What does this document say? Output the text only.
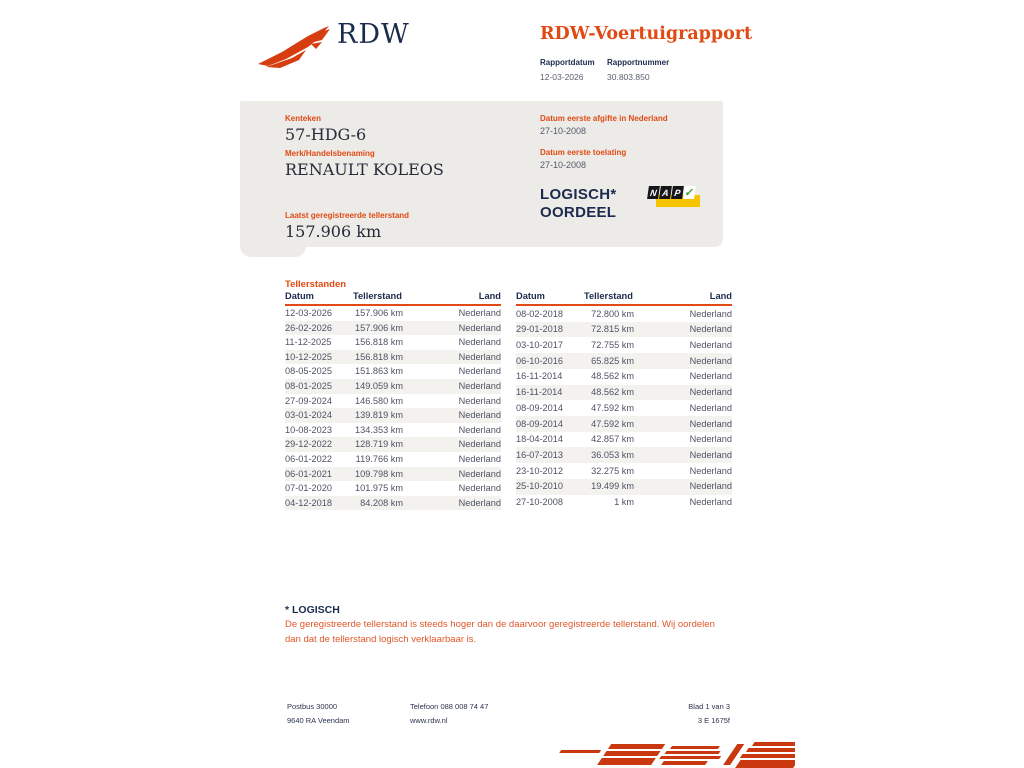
RDW	RDW-Voertuigrapport
Rapportdatum Rapportnummer
12-03-2026	30.803.850
Kenteken
57-HDG-6
Merk/Handelsbenaming
RENAULT KOLEOS
Laatst geregistreerde tellerstand
157.906 km
Datum eerste afgifte in Nederland
27-10-2008
Datum eerste toelating
27-10-2008
LOGISCH*
OORDEEL
N A P ✓
Tellerstanden
Datum	Tellerstand	Land
12-03-2026	157.906 km	Nederland
26-02-2026	157.906 km	Nederland
11-12-2025	156.818 km	Nederland
10-12-2025	156.818 km	Nederland
08-05-2025	151.863 km	Nederland
08-01-2025	149.059 km	Nederland
27-09-2024	146.580 km	Nederland
03-01-2024	139.819 km	Nederland
10-08-2023	134.353 km	Nederland
29-12-2022	128.719 km	Nederland
06-01-2022	119.766 km	Nederland
06-01-2021	109.798 km	Nederland
07-01-2020	101.975 km	Nederland
04-12-2018	84.208 km	Nederland
Datum	Tellerstand	Land
08-02-2018	72.800 km	Nederland
29-01-2018	72.815 km	Nederland
03-10-2017	72.755 km	Nederland
06-10-2016	65.825 km	Nederland
16-11-2014	48.562 km	Nederland
16-11-2014	48.562 km	Nederland
08-09-2014	47.592 km	Nederland
08-09-2014	47.592 km	Nederland
18-04-2014	42.857 km	Nederland
16-07-2013	36.053 km	Nederland
23-10-2012	32.275 km	Nederland
25-10-2010	19.499 km	Nederland
27-10-2008	1 km	Nederland
* LOGISCH
De geregistreerde tellerstand is steeds hoger dan de daarvoor geregistreerde tellerstand. Wij oordelen dan dat de tellerstand logisch verklaarbaar is.
Postbus 30000
9640 RA Veendam
Telefoon 088 008 74 47
www.rdw.nl
Blad 1 van 3
3 E 1675f
